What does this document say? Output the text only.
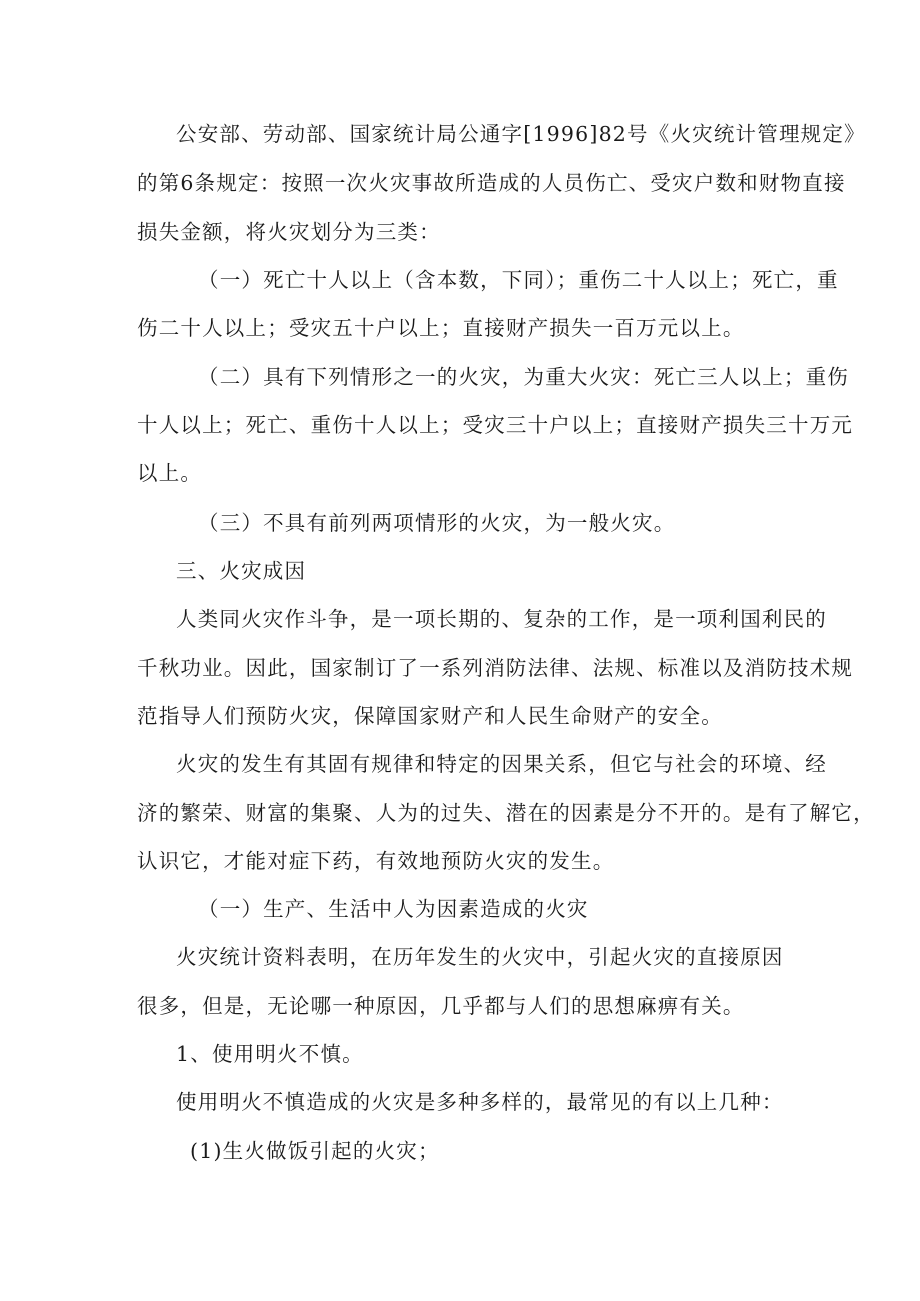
公安部、劳动部、国家统计局公通字[1996]82号《火灾统计管理规定》
的第6条规定：按照一次火灾事故所造成的人员伤亡、受灾户数和财物直接
损失金额，将火灾划分为三类：
（一）死亡十人以上（含本数，下同）；重伤二十人以上；死亡，重
伤二十人以上；受灾五十户以上；直接财产损失一百万元以上。
（二）具有下列情形之一的火灾，为重大火灾：死亡三人以上；重伤
十人以上；死亡、重伤十人以上；受灾三十户以上；直接财产损失三十万元
以上。
（三）不具有前列两项情形的火灾，为一般火灾。
三、火灾成因
人类同火灾作斗争，是一项长期的、复杂的工作，是一项利国利民的
千秋功业。因此，国家制订了一系列消防法律、法规、标准以及消防技术规
范指导人们预防火灾，保障国家财产和人民生命财产的安全。
火灾的发生有其固有规律和特定的因果关系，但它与社会的环境、经
济的繁荣、财富的集聚、人为的过失、潜在的因素是分不开的。是有了解它，
认识它，才能对症下药，有效地预防火灾的发生。
（一）生产、生活中人为因素造成的火灾
火灾统计资料表明，在历年发生的火灾中，引起火灾的直接原因
很多，但是，无论哪一种原因，几乎都与人们的思想麻痹有关。
1、使用明火不慎。
使用明火不慎造成的火灾是多种多样的，最常见的有以上几种：
(1)生火做饭引起的火灾；
